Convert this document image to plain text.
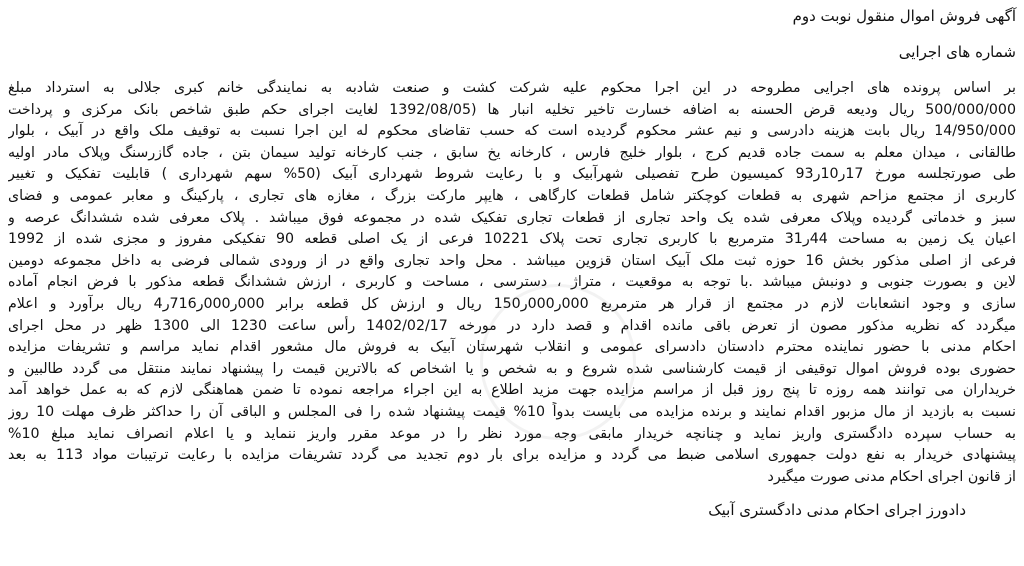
آگهی فروش اموال منقول نوبت دوم
شماره های اجرایی
بر اساس پرونده های اجرایی مطروحه در این اجرا محکوم علیه شرکت کشت و صنعت شادبه به نمایندگی خانم کبری جلالی به استرداد مبلغ
500/000/000 ریال ودیعه قرض الحسنه به اضافه خسارت تاخیر تخلیه انبار ها (1392/08/05 لغایت اجرای حکم طبق شاخص بانک مرکزی و پرداخت
14/950/000 ریال بابت هزینه دادرسی و نیم عشر محکوم گردیده است که حسب تقاضای محکوم له این اجرا نسبت به توقیف ملک واقع در آبیک ، بلوار
طالقانی ، میدان معلم به سمت جاده قدیم کرج ، بلوار خلیج فارس ، کارخانه یخ سابق ، جنب کارخانه تولید سیمان بتن ، جاده گازرسنگ وپلاک مادر اولیه
طی صورتجلسه مورخ 17ر10ر93 کمیسیون طرح تفصیلی شهرآبیک و با رعایت شروط شهرداری آبیک (50% سهم شهرداری ) قابلیت تفکیک و تغییر
کاربری از مجتمع مزاحم شهری به قطعات کوچکتر شامل قطعات کارگاهی ، هایپر مارکت بزرگ ، مغازه های تجاری ، پارکینگ و معابر عمومی و فضای
سبز و خدماتی گردیده وپلاک معرفی شده یک واحد تجاری از قطعات تجاری تفکیک شده در مجموعه فوق میباشد . پلاک معرفی شده ششدانگ عرصه و
اعیان یک زمین به مساحت 44ر31 مترمربع با کاربری تجاری تحت پلاک 10221 فرعی از یک اصلی قطعه 90 تفکیکی مفروز و مجزی شده از 1992
فرعی از اصلی مذکور بخش 16 حوزه ثبت ملک آبیک استان قزوین میباشد . محل واحد تجاری واقع در از ورودی شمالی فرضی به داخل مجموعه دومین
لاین و بصورت جنوبی و دونبش میباشد .با توجه به موقعیت ، متراژ ، دسترسی ، مساحت و کاربری ، ارزش ششدانگ قطعه مذکور با فرض انجام آماده
سازی و وجود انشعابات لازم در مجتمع از قرار هر مترمربع 000ر000ر150 ریال و ارزش کل قطعه برابر 000ر000ر716ر4 ریال برآورد و اعلام
میگردد که نظریه مذکور مصون از تعرض باقی مانده اقدام و قصد دارد در مورخه 1402/02/17 رأس ساعت 1230 الی 1300 ظهر در محل اجرای
احکام مدنی با حضور نماینده محترم دادستان دادسرای عمومی و انقلاب شهرستان آبیک به فروش مال مشعور اقدام نماید مراسم و تشریفات مزایده
حضوری بوده فروش اموال توقیفی از قیمت کارشناسی شده شروع و به شخص و یا اشخاص که بالاترین قیمت را پیشنهاد نمایند منتقل می گردد طالبین و
خریداران می توانند همه روزه تا پنج روز قبل از مراسم مزایده جهت مزید اطلاع به این اجراء مراجعه نموده تا ضمن هماهنگی لازم که به عمل خواهد آمد
نسبت به بازدید از مال مزبور اقدام نمایند و برنده مزایده می بایست بدواً 10% قیمت پیشنهاد شده را فی المجلس و الباقی آن را حداکثر ظرف مهلت 10 روز
به حساب سپرده دادگستری واریز نماید و چنانچه خریدار مابقی وجه مورد نظر را در موعد مقرر واریز ننماید و یا اعلام انصراف نماید مبلغ 10%
پیشنهادی خریدار به نفع دولت جمهوری اسلامی ضبط می گردد و مزایده برای بار دوم تجدید می گردد تشریفات مزایده با رعایت ترتیبات مواد 113 به بعد
از قانون اجرای احکام مدنی صورت میگیرد
دادورز اجرای احکام مدنی دادگستری آبیک
